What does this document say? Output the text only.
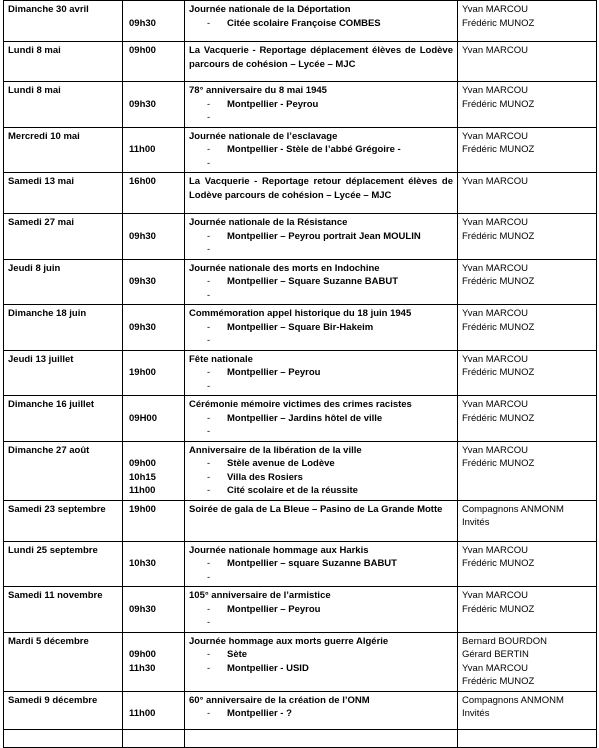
Dimanche 30 avril	09h30	Journée nationale de la Déportation
- Citée scolaire Françoise COMBES	Yvan MARCOU
Frédéric MUNOZ

Lundi 8 mai	09h00	La Vacquerie - Reportage déplacement élèves de Lodève parcours de cohésion – Lycée – MJC	Yvan MARCOU

Lundi 8 mai	09h30	78° anniversaire du 8 mai 1945
- Montpellier - Peyrou
-	Yvan MARCOU
Frédéric MUNOZ

Mercredi 10 mai	11h00	Journée nationale de l’esclavage
- Montpellier - Stèle de l’abbé Grégoire -
-	Yvan MARCOU
Frédéric MUNOZ

Samedi 13 mai	16h00	La Vacquerie - Reportage retour déplacement élèves de Lodève parcours de cohésion – Lycée – MJC	Yvan MARCOU

Samedi 27 mai	09h30	Journée nationale de la Résistance
- Montpellier – Peyrou portrait Jean MOULIN
-	Yvan MARCOU
Frédéric MUNOZ

Jeudi 8 juin	09h30	Journée nationale des morts en Indochine
- Montpellier – Square Suzanne BABUT
-	Yvan MARCOU
Frédéric MUNOZ

Dimanche 18 juin	09h30	Commémoration appel historique du 18 juin 1945
- Montpellier – Square Bir-Hakeim
-	Yvan MARCOU
Frédéric MUNOZ

Jeudi 13 juillet	19h00	Fête nationale
- Montpellier – Peyrou
-	Yvan MARCOU
Frédéric MUNOZ

Dimanche 16 juillet	09H00	Cérémonie mémoire victimes des crimes racistes
- Montpellier – Jardins hôtel de ville
-	Yvan MARCOU
Frédéric MUNOZ

Dimanche 27 août	09h00
10h15
11h00	Anniversaire de la libération de la ville
- Stèle avenue de Lodève
- Villa des Rosiers
- Cité scolaire et de la réussite	Yvan MARCOU
Frédéric MUNOZ

Samedi 23 septembre	19h00	Soirée de gala de La Bleue – Pasino de La Grande Motte	Compagnons ANMONM
Invités

Lundi 25 septembre	10h30	Journée nationale hommage aux Harkis
- Montpellier – square Suzanne BABUT
-	Yvan MARCOU
Frédéric MUNOZ

Samedi 11 novembre	09h30	105° anniversaire de l’armistice
- Montpellier – Peyrou
-	Yvan MARCOU
Frédéric MUNOZ

Mardi 5 décembre	09h00
11h30	Journée hommage aux morts guerre Algérie
- Sète
- Montpellier - USID	Bernard BOURDON
Gérard BERTIN
Yvan MARCOU
Frédéric MUNOZ

Samedi 9 décembre	11h00	60° anniversaire de la création de l’ONM
- Montpellier - ?	Compagnons ANMONM
Invités
